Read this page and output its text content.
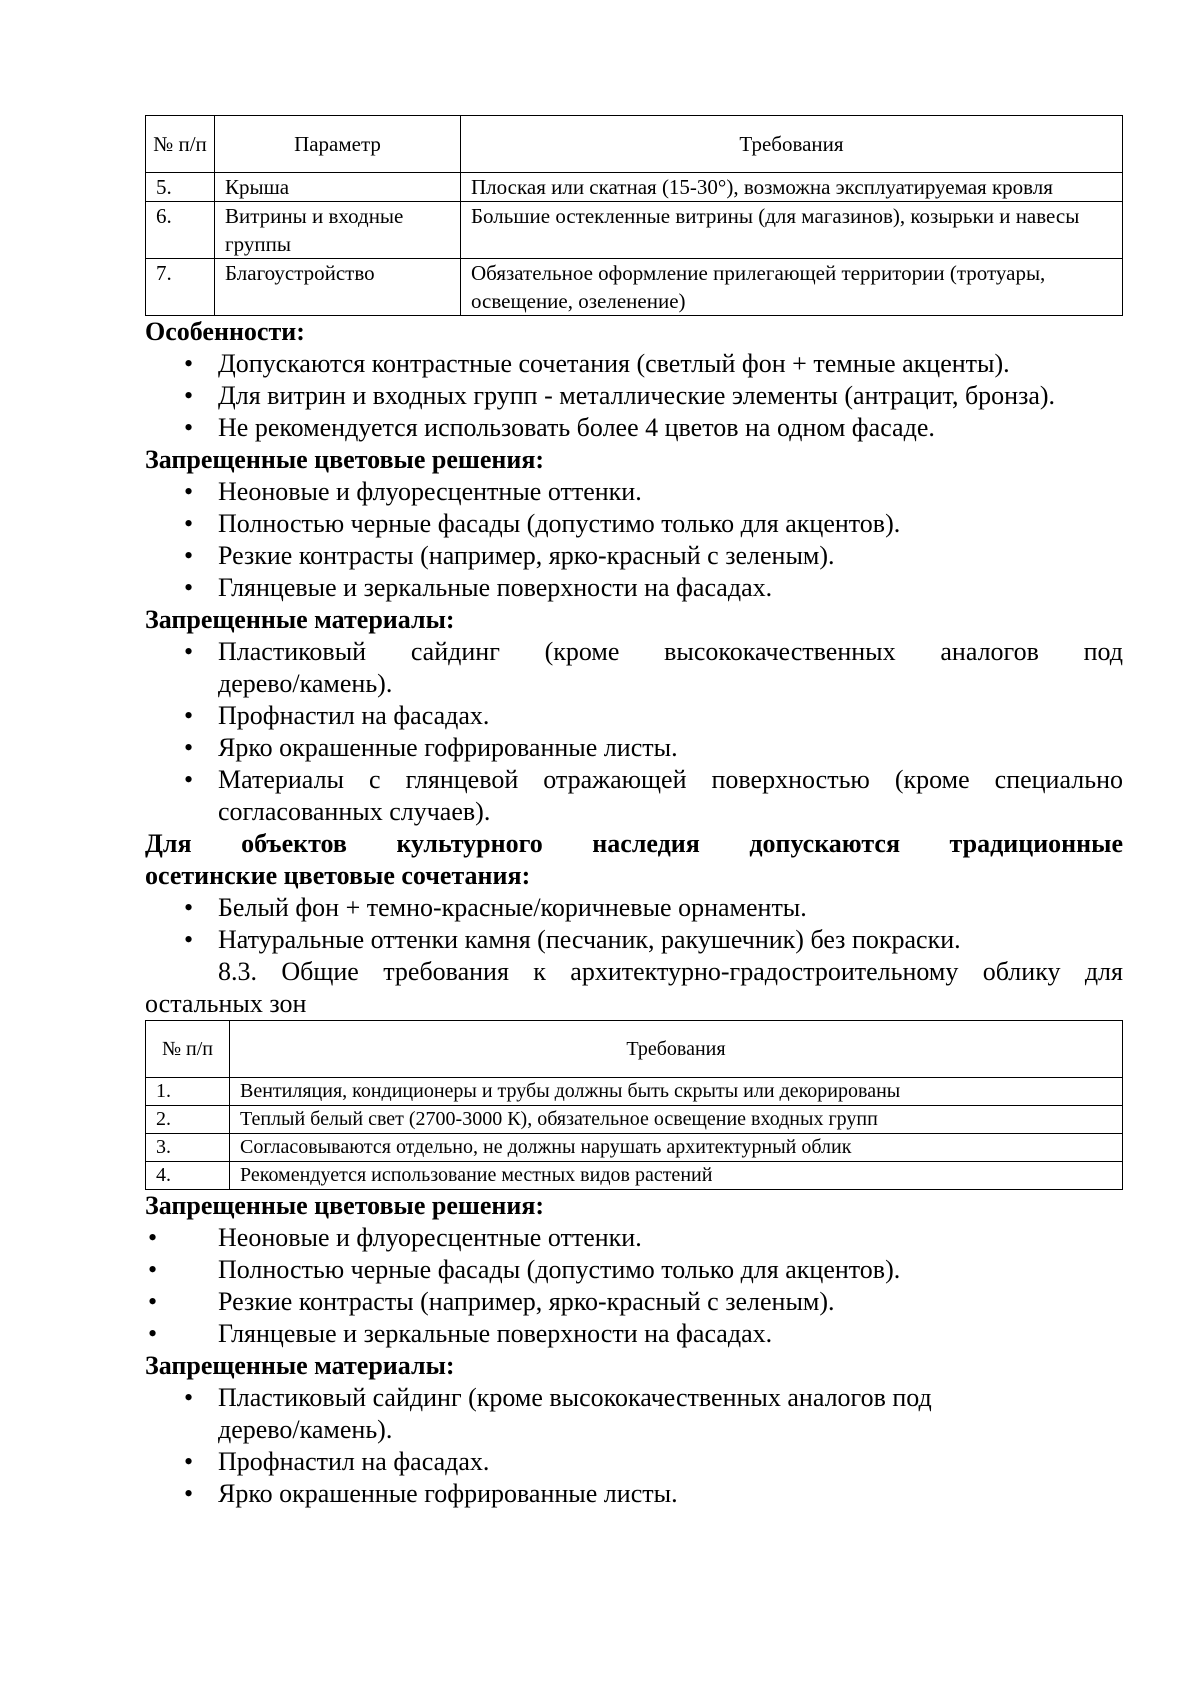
№ п/п	Параметр	Требования
5.	Крыша	Плоская или скатная (15-30°), возможна эксплуатируемая кровля
6.	Витрины и входные группы	Большие остекленные витрины (для магазинов), козырьки и навесы
7.	Благоустройство	Обязательное оформление прилегающей территории (тротуары, освещение, озеленение)

Особенности:

• Допускаются контрастные сочетания (светлый фон + темные акценты).
• Для витрин и входных групп - металлические элементы (антрацит, бронза).
• Не рекомендуется использовать более 4 цветов на одном фасаде.

Запрещенные цветовые решения:

• Неоновые и флуоресцентные оттенки.
• Полностью черные фасады (допустимо только для акцентов).
• Резкие контрасты (например, ярко-красный с зеленым).
• Глянцевые и зеркальные поверхности на фасадах.

Запрещенные материалы:

• Пластиковый сайдинг (кроме высококачественных аналогов под
дерево/камень).
• Профнастил на фасадах.
• Ярко окрашенные гофрированные листы.
• Материалы с глянцевой отражающей поверхностью (кроме специально
согласованных случаев).

Для объектов культурного наследия допускаются традиционные

осетинские цветовые сочетания:

• Белый фон + темно-красные/коричневые орнаменты.
• Натуральные оттенки камня (песчаник, ракушечник) без покраски.

8.3. Общие требования к архитектурно-градостроительному облику для
остальных зон

№ п/п	Требования
1.	Вентиляция, кондиционеры и трубы должны быть скрыты или декорированы
2.	Теплый белый свет (2700-3000 К), обязательное освещение входных групп
3.	Согласовываются отдельно, не должны нарушать архитектурный облик
4.	Рекомендуется использование местных видов растений

Запрещенные цветовые решения:

• Неоновые и флуоресцентные оттенки.
• Полностью черные фасады (допустимо только для акцентов).
• Резкие контрасты (например, ярко-красный с зеленым).
• Глянцевые и зеркальные поверхности на фасадах.

Запрещенные материалы:

• Пластиковый сайдинг (кроме высококачественных аналогов под
дерево/камень).
• Профнастил на фасадах.
• Ярко окрашенные гофрированные листы.
